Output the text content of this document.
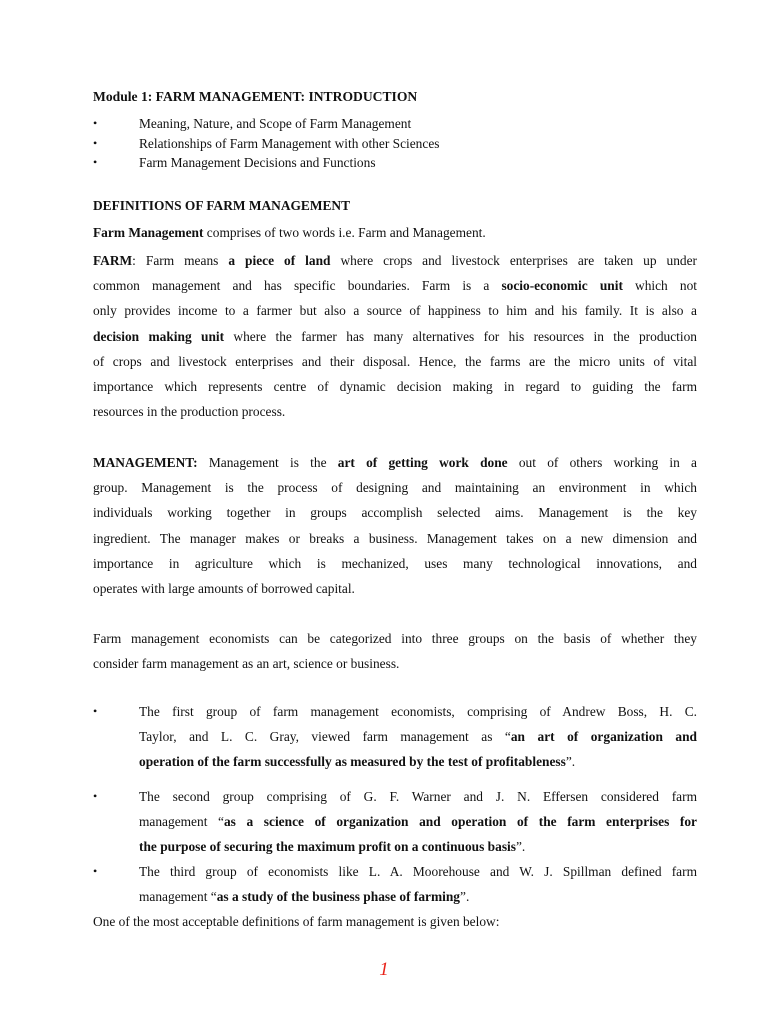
Module 1: FARM MANAGEMENT: INTRODUCTION
•	Meaning, Nature, and Scope of Farm Management
•	Relationships of Farm Management with other Sciences
•	Farm Management Decisions and Functions
DEFINITIONS OF FARM MANAGEMENT
Farm Management comprises of two words i.e. Farm and Management.
FARM: Farm means a piece of land where crops and livestock enterprises are taken up under
common management and has specific boundaries. Farm is a socio-economic unit which not
only provides income to a farmer but also a source of happiness to him and his family. It is also a
decision making unit where the farmer has many alternatives for his resources in the production
of crops and livestock enterprises and their disposal. Hence, the farms are the micro units of vital
importance which represents centre of dynamic decision making in regard to guiding the farm
resources in the production process.
MANAGEMENT: Management is the art of getting work done out of others working in a
group. Management is the process of designing and maintaining an environment in which
individuals working together in groups accomplish selected aims. Management is the key
ingredient. The manager makes or breaks a business. Management takes on a new dimension and
importance in agriculture which is mechanized, uses many technological innovations, and
operates with large amounts of borrowed capital.
Farm management economists can be categorized into three groups on the basis of whether they
consider farm management as an art, science or business.
•	The first group of farm management economists, comprising of Andrew Boss, H. C.
Taylor, and L. C. Gray, viewed farm management as “an art of organization and
operation of the farm successfully as measured by the test of profitableness”.
•	The second group comprising of G. F. Warner and J. N. Effersen considered farm
management “as a science of organization and operation of the farm enterprises for
the purpose of securing the maximum profit on a continuous basis”.
•	The third group of economists like L. A. Moorehouse and W. J. Spillman defined farm
management “as a study of the business phase of farming”.
One of the most acceptable definitions of farm management is given below:
1
